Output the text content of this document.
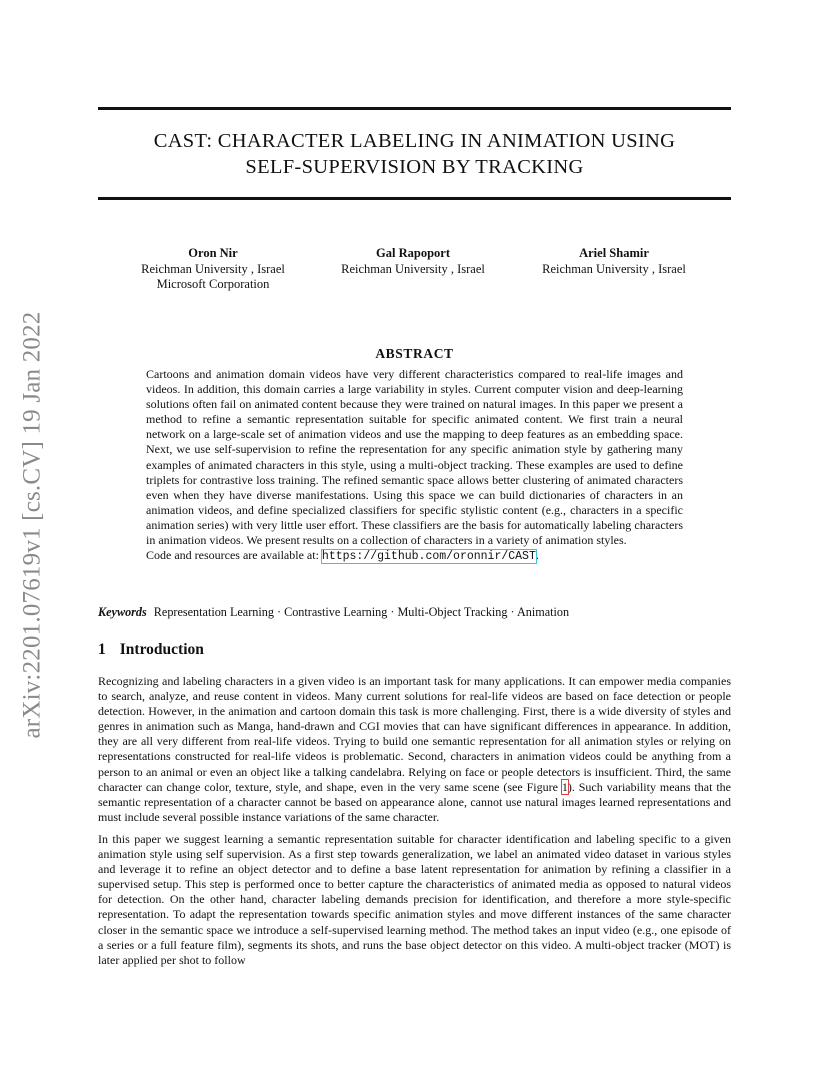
arXiv:2201.07619v1 [cs.CV] 19 Jan 2022
CAST: CHARACTER LABELING IN ANIMATION USING
SELF-SUPERVISION BY TRACKING
Oron Nir
Reichman University , Israel
Microsoft Corporation
Gal Rapoport
Reichman University , Israel
Ariel Shamir
Reichman University , Israel
ABSTRACT

Cartoons and animation domain videos have very different characteristics compared to real-life images and videos. In addition, this domain carries a large variability in styles. Current computer vision and deep-learning solutions often fail on animated content because they were trained on natural images. In this paper we present a method to refine a semantic representation suitable for specific animated content. We first train a neural network on a large-scale set of animation videos and use the mapping to deep features as an embedding space. Next, we use self-supervision to refine the representation for any specific animation style by gathering many examples of animated characters in this style, using a multi-object tracking. These examples are used to define triplets for contrastive loss training. The refined semantic space allows better clustering of animated characters even when they have diverse manifestations. Using this space we can build dictionaries of characters in an animation videos, and define specialized classifiers for specific stylistic content (e.g., characters in a specific animation series) with very little user effort. These classifiers are the basis for automatically labeling characters in animation videos. We present results on a collection of characters in a variety of animation styles.

Code and resources are available at: https://github.com/oronnir/CAST.

Keywords Representation Learning · Contrastive Learning · Multi-Object Tracking · Animation
1 Introduction

Recognizing and labeling characters in a given video is an important task for many applications. It can empower media companies to search, analyze, and reuse content in videos. Many current solutions for real-life videos are based on face detection or people detection. However, in the animation and cartoon domain this task is more challenging. First, there is a wide diversity of styles and genres in animation such as Manga, hand-drawn and CGI movies that can have significant differences in appearance. In addition, they are all very different from real-life videos. Trying to build one semantic representation for all animation styles or relying on representations constructed for real-life videos is problematic. Second, characters in animation videos could be anything from a person to an animal or even an object like a talking candelabra. Relying on face or people detectors is insufficient. Third, the same character can change color, texture, style, and shape, even in the very same scene (see Figure 1). Such variability means that the semantic representation of a character cannot be based on appearance alone, cannot use natural images learned representations and must include several possible instance variations of the same character.

In this paper we suggest learning a semantic representation suitable for character identification and labeling specific to a given animation style using self supervision. As a first step towards generalization, we label an animated video dataset in various styles and leverage it to refine an object detector and to define a base latent representation for animation by refining a classifier in a supervised setup. This step is performed once to better capture the characteristics of animated media as opposed to natural videos for detection. On the other hand, character labeling demands precision for identification, and therefore a more style-specific representation. To adapt the representation towards specific animation styles and move different instances of the same character closer in the semantic space we introduce a self-supervised learning method. The method takes an input video (e.g., one episode of a series or a full feature film), segments its shots, and runs the base object detector on this video. A multi-object tracker (MOT) is later applied per shot to follow
